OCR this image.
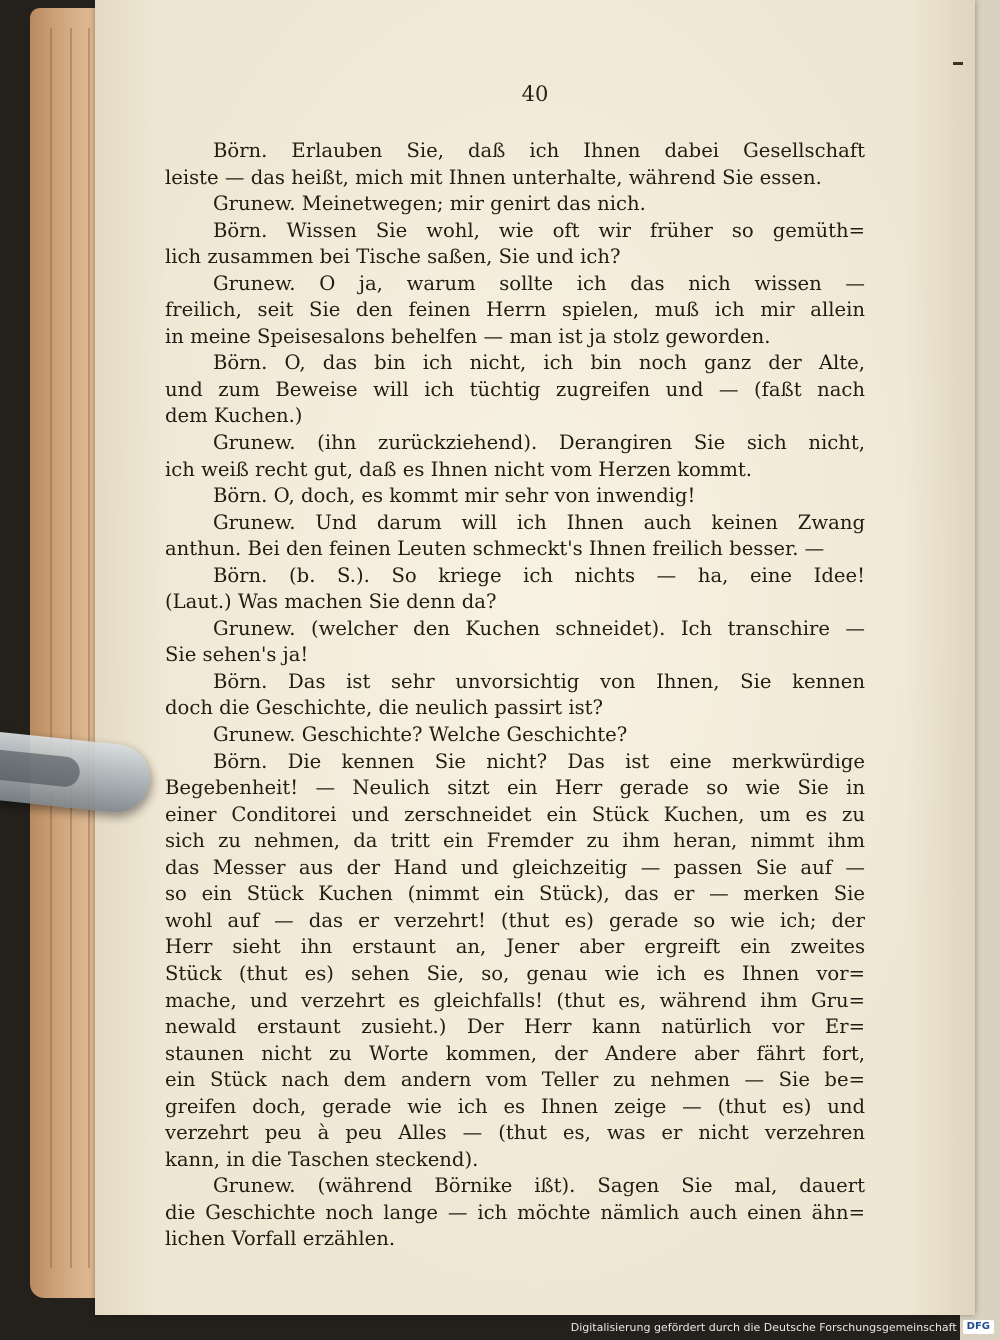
40
Börn. Erlauben Sie, daß ich Ihnen dabei Gesellschaft
leiste — das heißt, mich mit Ihnen unterhalte, während Sie essen.
Grunew. Meinetwegen; mir genirt das nich.
Börn. Wissen Sie wohl, wie oft wir früher so gemüth=
lich zusammen bei Tische saßen, Sie und ich?
Grunew. O ja, warum sollte ich das nich wissen —
freilich, seit Sie den feinen Herrn spielen, muß ich mir allein
in meine Speisesalons behelfen — man ist ja stolz geworden.
Börn. O, das bin ich nicht, ich bin noch ganz der Alte,
und zum Beweise will ich tüchtig zugreifen und — (faßt nach
dem Kuchen.)
Grunew. (ihn zurückziehend). Derangiren Sie sich nicht,
ich weiß recht gut, daß es Ihnen nicht vom Herzen kommt.
Börn. O, doch, es kommt mir sehr von inwendig!
Grunew. Und darum will ich Ihnen auch keinen Zwang
anthun. Bei den feinen Leuten schmeckt's Ihnen freilich besser. —
Börn. (b. S.). So kriege ich nichts — ha, eine Idee!
(Laut.) Was machen Sie denn da?
Grunew. (welcher den Kuchen schneidet). Ich transchire —
Sie sehen's ja!
Börn. Das ist sehr unvorsichtig von Ihnen, Sie kennen
doch die Geschichte, die neulich passirt ist?
Grunew. Geschichte? Welche Geschichte?
Börn. Die kennen Sie nicht? Das ist eine merkwürdige
Begebenheit! — Neulich sitzt ein Herr gerade so wie Sie in
einer Conditorei und zerschneidet ein Stück Kuchen, um es zu
sich zu nehmen, da tritt ein Fremder zu ihm heran, nimmt ihm
das Messer aus der Hand und gleichzeitig — passen Sie auf —
so ein Stück Kuchen (nimmt ein Stück), das er — merken Sie
wohl auf — das er verzehrt! (thut es) gerade so wie ich; der
Herr sieht ihn erstaunt an, Jener aber ergreift ein zweites
Stück (thut es) sehen Sie, so, genau wie ich es Ihnen vor=
mache, und verzehrt es gleichfalls! (thut es, während ihm Gru=
newald erstaunt zusieht.) Der Herr kann natürlich vor Er=
staunen nicht zu Worte kommen, der Andere aber fährt fort,
ein Stück nach dem andern vom Teller zu nehmen — Sie be=
greifen doch, gerade wie ich es Ihnen zeige — (thut es) und
verzehrt peu à peu Alles — (thut es, was er nicht verzehren
kann, in die Taschen steckend).
Grunew. (während Börnike ißt). Sagen Sie mal, dauert
die Geschichte noch lange — ich möchte nämlich auch einen ähn=
lichen Vorfall erzählen.
Digitalisierung gefördert durch die Deutsche Forschungsgemeinschaft	DFG
